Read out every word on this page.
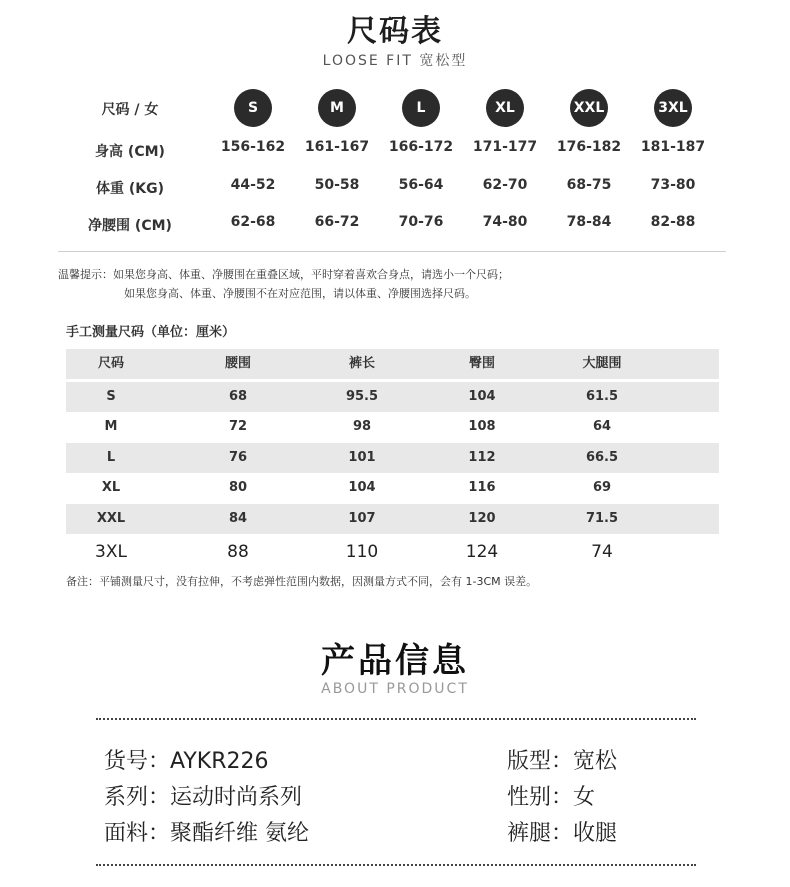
尺码表
LOOSE FIT 宽松型
尺码 / 女	S	M	L	XL	XXL	3XL
身高 (CM)	156-162	161-167	166-172	171-177	176-182	181-187
体重 (KG)	44-52	50-58	56-64	62-70	68-75	73-80
净腰围 (CM)	62-68	66-72	70-76	74-80	78-84	82-88
温馨提示：如果您身高、体重、净腰围在重叠区域，平时穿着喜欢合身点，请选小一个尺码；
如果您身高、体重、净腰围不在对应范围，请以体重、净腰围选择尺码。
手工测量尺码（单位：厘米）
尺码	腰围	裤长	臀围	大腿围
S	68	95.5	104	61.5
M	72	98	108	64
L	76	101	112	66.5
XL	80	104	116	69
XXL	84	107	120	71.5
3XL	88	110	124	74
备注：平铺测量尺寸，没有拉伸，不考虑弹性范围内数据，因测量方式不同，会有 1-3CM 误差。
产品信息
ABOUT PRODUCT
货号：AYKR226
系列：运动时尚系列
面料：聚酯纤维 氨纶
版型：宽松
性别：女
裤腿：收腿
